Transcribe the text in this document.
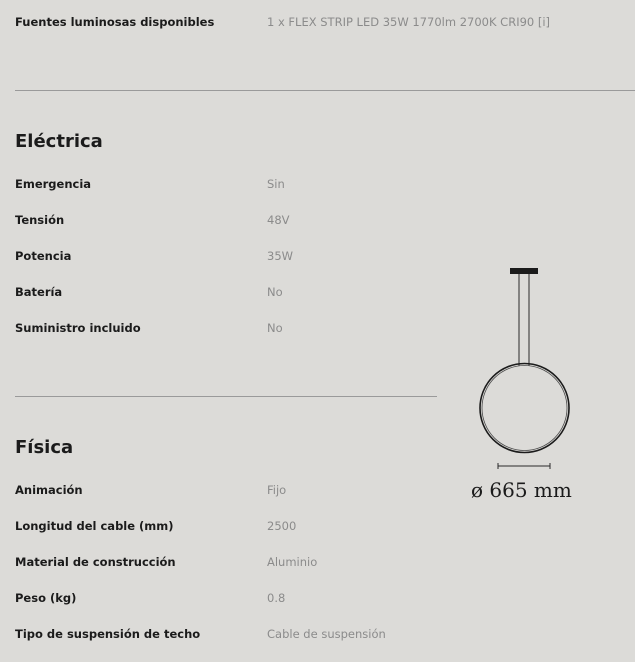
Fuentes luminosas disponibles	1 x FLEX STRIP LED 35W 1770lm 2700K CRI90 [i]
Eléctrica
Emergencia	Sin
Tensión	48V
Potencia	35W
Batería	No
Suministro incluido	No
Física
Animación	Fijo
Longitud del cable (mm)	2500
Material de construcción	Aluminio
Peso (kg)	0.8
Tipo de suspensión de techo	Cable de suspensión
ø 665 mm
